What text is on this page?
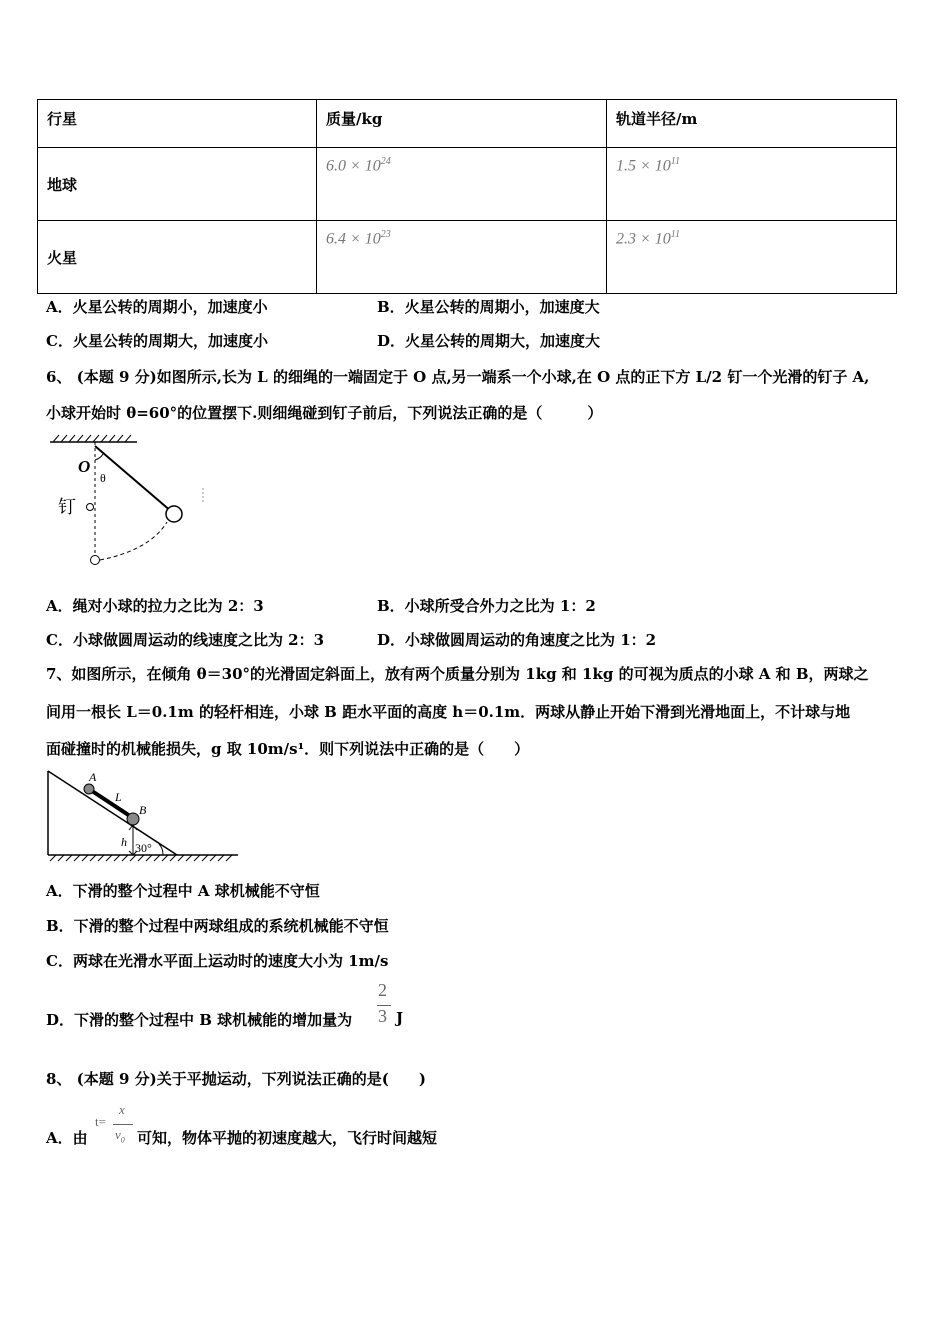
行星	质量/kg	轨道半径/m
地球	$6.0 \times 10^{24}$	$1.5 \times 10^{11}$
火星	$6.4 \times 10^{23}$	$2.3 \times 10^{11}$
A．火星公转的周期小，加速度小	B．火星公转的周期小，加速度大
C．火星公转的周期大，加速度小	D．火星公转的周期大，加速度大
6、 (本题 9 分)如图所示,长为 L 的细绳的一端固定于 O 点,另一端系一个小球,在 O 点的正下方 L/2 钉一个光滑的钉子 A,
小球开始时 θ=60°的位置摆下.则细绳碰到钉子前后，下列说法正确的是（　　　）
O
θ
钉
A．绳对小球的拉力之比为 2：3	B．小球所受合外力之比为 1：2
C．小球做圆周运动的线速度之比为 2：3	D．小球做圆周运动的角速度之比为 1：2
7、如图所示，在倾角 θ＝30°的光滑固定斜面上，放有两个质量分别为 1kg 和 1kg 的可视为质点的小球 A 和 B，两球之
间用一根长 L＝0.1m 的轻杆相连，小球 B 距水平面的高度 h＝0.1m．两球从静止开始下滑到光滑地面上，不计球与地
面碰撞时的机械能损失，g 取 10m/s¹．则下列说法中正确的是（　　）
A
B
L
h 30°
A．下滑的整个过程中 A 球机械能不守恒
B．下滑的整个过程中两球组成的系统机械能不守恒
C．两球在光滑水平面上运动时的速度大小为 1m/s
D．下滑的整个过程中 B 球机械能的增加量为
2
3 J
8、 (本题 9 分)关于平抛运动，下列说法正确的是(　　)
A．由
t=
x
$v_0$ 可知，物体平抛的初速度越大，飞行时间越短
